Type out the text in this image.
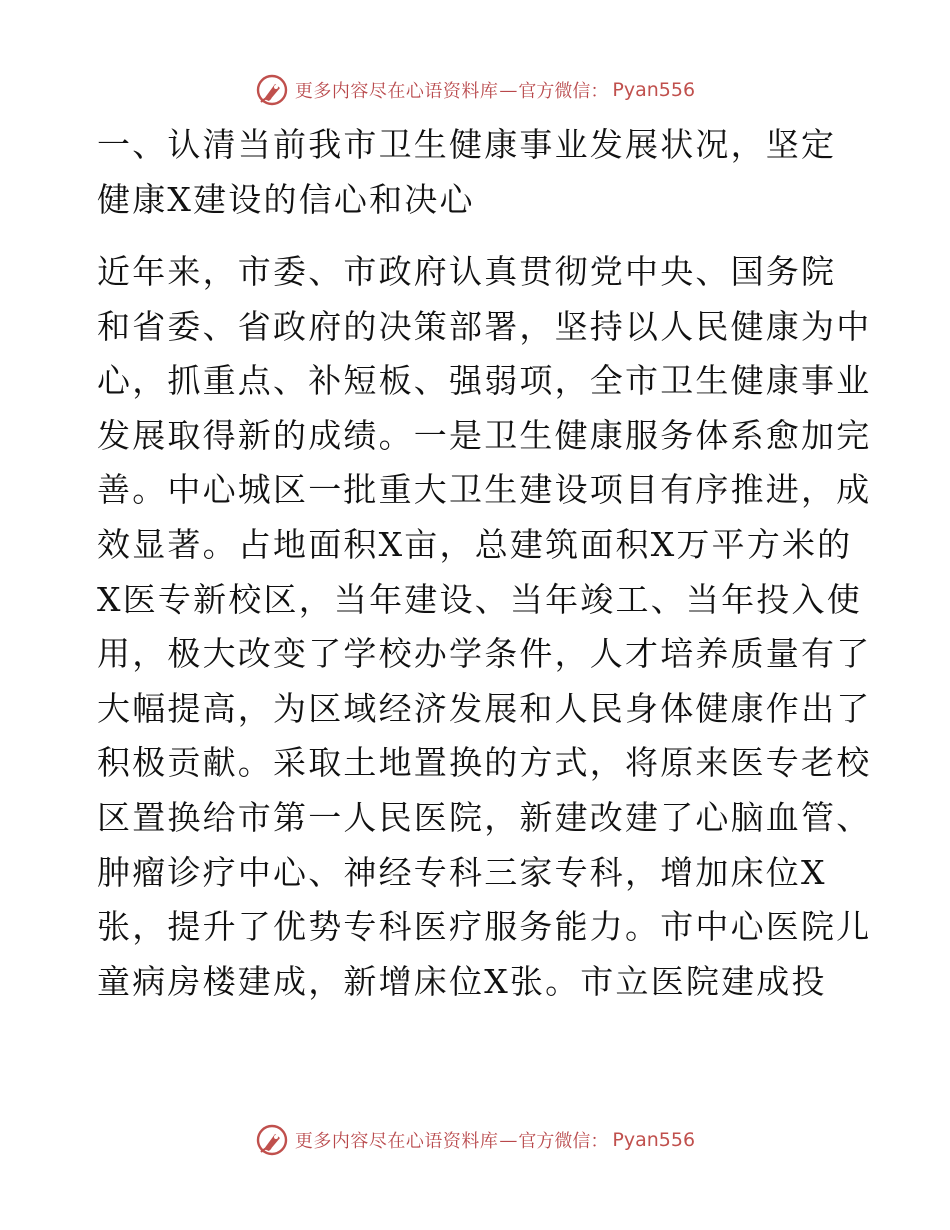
更多内容尽在心语资料库 — 官方微信： Pyan556
一、认清当前我市卫生健康事业发展状况，坚定
健康X建设的信心和决心
近年来，市委、市政府认真贯彻党中央、国务院
和省委、省政府的决策部署，坚持以人民健康为中
心，抓重点、补短板、强弱项，全市卫生健康事业
发展取得新的成绩。一是卫生健康服务体系愈加完
善。中心城区一批重大卫生建设项目有序推进，成
效显著。占地面积X亩，总建筑面积X万平方米的
X医专新校区，当年建设、当年竣工、当年投入使
用，极大改变了学校办学条件，人才培养质量有了
大幅提高，为区域经济发展和人民身体健康作出了
积极贡献。采取土地置换的方式，将原来医专老校
区置换给市第一人民医院，新建改建了心脑血管、
肿瘤诊疗中心、神经专科三家专科，增加床位X
张，提升了优势专科医疗服务能力。市中心医院儿
童病房楼建成，新增床位X张。市立医院建成投
更多内容尽在心语资料库 — 官方微信： Pyan556
